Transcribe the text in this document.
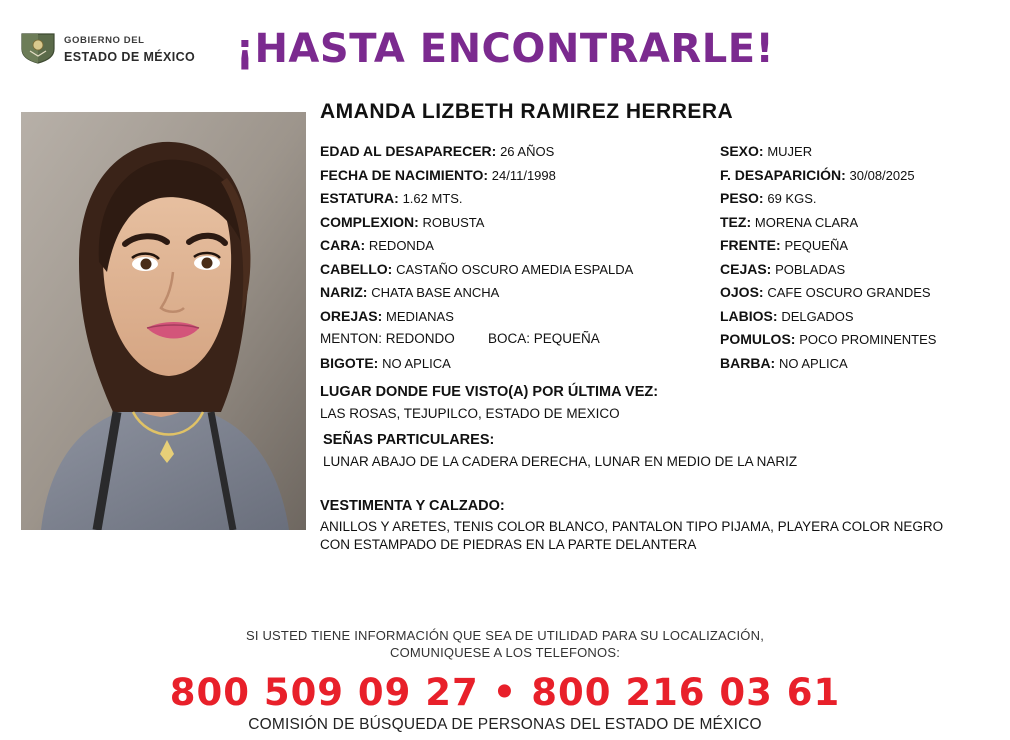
GOBIERNO DEL
ESTADO DE MÉXICO	¡HASTA ENCONTRARLE!
AMANDA LIZBETH RAMIREZ HERRERA
EDAD AL DESAPARECER: 26 AÑOS	SEXO: MUJER
FECHA DE NACIMIENTO: 24/11/1998	F. DESAPARICIÓN: 30/08/2025
ESTATURA: 1.62 MTS.	PESO: 69 KGS.
COMPLEXION: ROBUSTA	TEZ: MORENA CLARA
CARA: REDONDA	FRENTE: PEQUEÑA
CABELLO: CASTAÑO OSCURO AMEDIA ESPALDA	CEJAS: POBLADAS
NARIZ: CHATA BASE ANCHA	OJOS: CAFE OSCURO GRANDES
OREJAS: MEDIANAS	LABIOS: DELGADOS
MENTON: REDONDO	BOCA: PEQUEÑA	POMULOS: POCO PROMINENTES
BIGOTE: NO APLICA	BARBA: NO APLICA
LUGAR DONDE FUE VISTO(A) POR ÚLTIMA VEZ:
LAS ROSAS, TEJUPILCO, ESTADO DE MEXICO
SEÑAS PARTICULARES:
LUNAR ABAJO DE LA CADERA DERECHA, LUNAR EN MEDIO DE LA NARIZ
VESTIMENTA Y CALZADO:
ANILLOS Y ARETES, TENIS COLOR BLANCO, PANTALON TIPO PIJAMA, PLAYERA COLOR NEGRO
CON ESTAMPADO DE PIEDRAS EN LA PARTE DELANTERA
SI USTED TIENE INFORMACIÓN QUE SEA DE UTILIDAD PARA SU LOCALIZACIÓN,
COMUNIQUESE A LOS TELEFONOS:
800 509 09 27 • 800 216 03 61
COMISIÓN DE BÚSQUEDA DE PERSONAS DEL ESTADO DE MÉXICO
